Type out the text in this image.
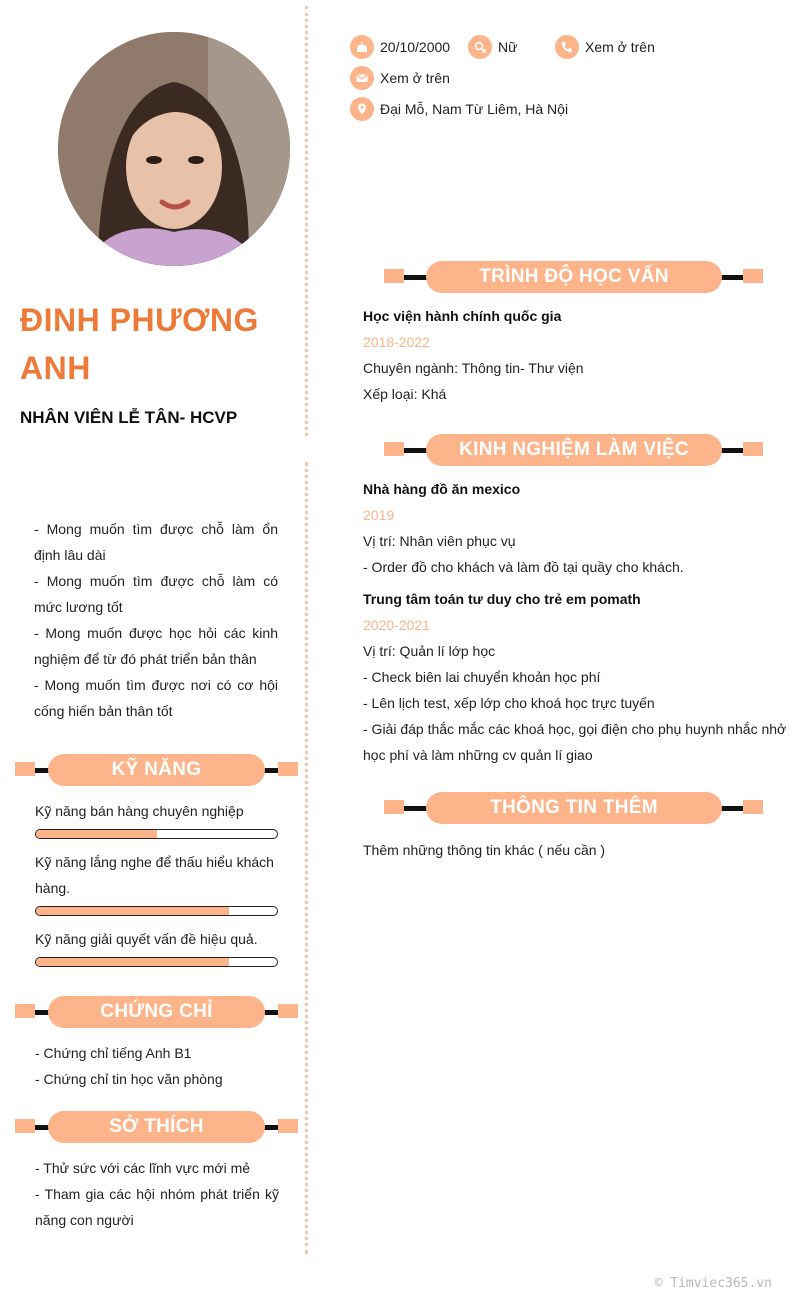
ĐINH PHƯƠNG ANH
NHÂN VIÊN LỄ TÂN- HCVP

- Mong muốn tìm được chỗ làm ổn định lâu dài

- Mong muốn tìm được chỗ làm có mức lương tốt

- Mong muốn được học hỏi các kinh nghiệm để từ đó phát triển bản thân

- Mong muốn tìm được nơi có cơ hội cống hiến bản thân tốt

KỸ NĂNG
Kỹ năng bán hàng chuyên nghiệp
Kỹ năng lắng nghe để thấu hiểu khách hàng.
Kỹ năng giải quyết vấn đề hiệu quả.
CHỨNG CHỈ

- Chứng chỉ tiếng Anh B1

- Chứng chỉ tin học văn phòng

SỞ THÍCH

- Thử sức với các lĩnh vực mới mẻ

- Tham gia các hội nhóm phát triển kỹ năng con người

20/10/2000	Nữ	Xem ở trên
Xem ở trên
Đại Mỗ, Nam Từ Liêm, Hà Nội
TRÌNH ĐỘ HỌC VẤN
Học viện hành chính quốc gia
2018-2022
Chuyên ngành: Thông tin- Thư viện
Xếp loại: Khá
KINH NGHIỆM LÀM VIỆC
Nhà hàng đồ ăn mexico
2019
Vị trí: Nhân viên phục vụ
- Order đồ cho khách và làm đồ tại quầy cho khách.
Trung tâm toán tư duy cho trẻ em pomath
2020-2021
Vị trí: Quản lí lớp học
- Check biên lai chuyển khoản học phí
- Lên lịch test, xếp lớp cho khoá học trực tuyến
- Giải đáp thắc mắc các khoá học, gọi điện cho phụ huynh nhắc nhở học phí và làm những cv quản lí giao
THÔNG TIN THÊM
Thêm những thông tin khác ( nếu cần )
© Timviec365.vn
